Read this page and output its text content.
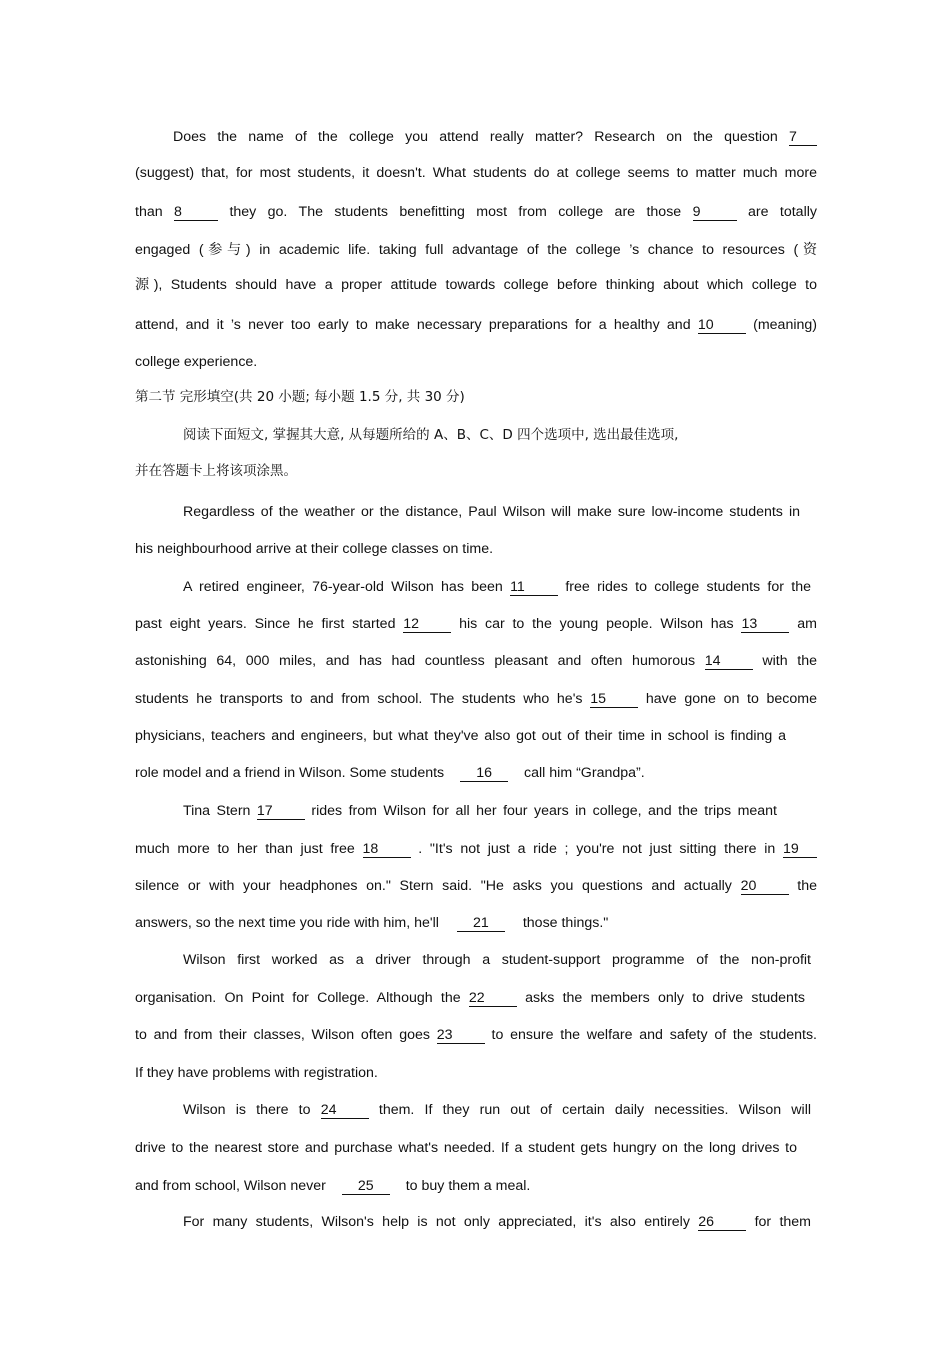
Does the name of the college you attend really matter? Research on the question 7
(suggest) that, for most students, it doesn't. What students do at college seems to matter much more
than 8	they go. The students benefitting most from college are those 9	are totally
engaged (参与) in academic life. taking full advantage of the college ’s chance to resources (资
源), Students should have a proper attitude towards college before thinking about which college to
attend, and it ’s never too early to make necessary preparations for a healthy and 10	(meaning)
college experience.
第二节 完形填空(共 20 小题; 每小题 1.5 分, 共 30 分)
阅读下面短文, 掌握其大意, 从每题所给的 A、B、C、D 四个选项中, 选出最佳选项,
并在答题卡上将该项涂黑。
Regardless of the weather or the distance, Paul Wilson will make sure low-income students in
his neighbourhood arrive at their college classes on time.
A retired engineer, 76-year-old Wilson has been 11	free rides to college students for the
past eight years. Since he first started 12	his car to the young people. Wilson has 13	am
astonishing 64, 000 miles, and has had countless pleasant and often humorous 14	with the
students he transports to and from school. The students who he's 15	have gone on to become
physicians, teachers and engineers, but what they've also got out of their time in school is finding a
role model and a friend in Wilson. Some students 16 call him “Grandpa”.
Tina Stern 17	rides from Wilson for all her four years in college, and the trips meant
much more to her than just free 18	. "It's not just a ride ; you're not just sitting there in 19
silence or with your headphones on." Stern said. "He asks you questions and actually 20	the
answers, so the next time you ride with him, he'll 21 those things."
Wilson first worked as a driver through a student-support programme of the non-profit
organisation. On Point for College. Although the 22	asks the members only to drive students
to and from their classes, Wilson often goes 23	to ensure the welfare and safety of the students.
If they have problems with registration.
Wilson is there to 24	them. If they run out of certain daily necessities. Wilson will
drive to the nearest store and purchase what's needed. If a student gets hungry on the long drives to
and from school, Wilson never 25 to buy them a meal.
For many students, Wilson's help is not only appreciated, it's also entirely 26	for them
